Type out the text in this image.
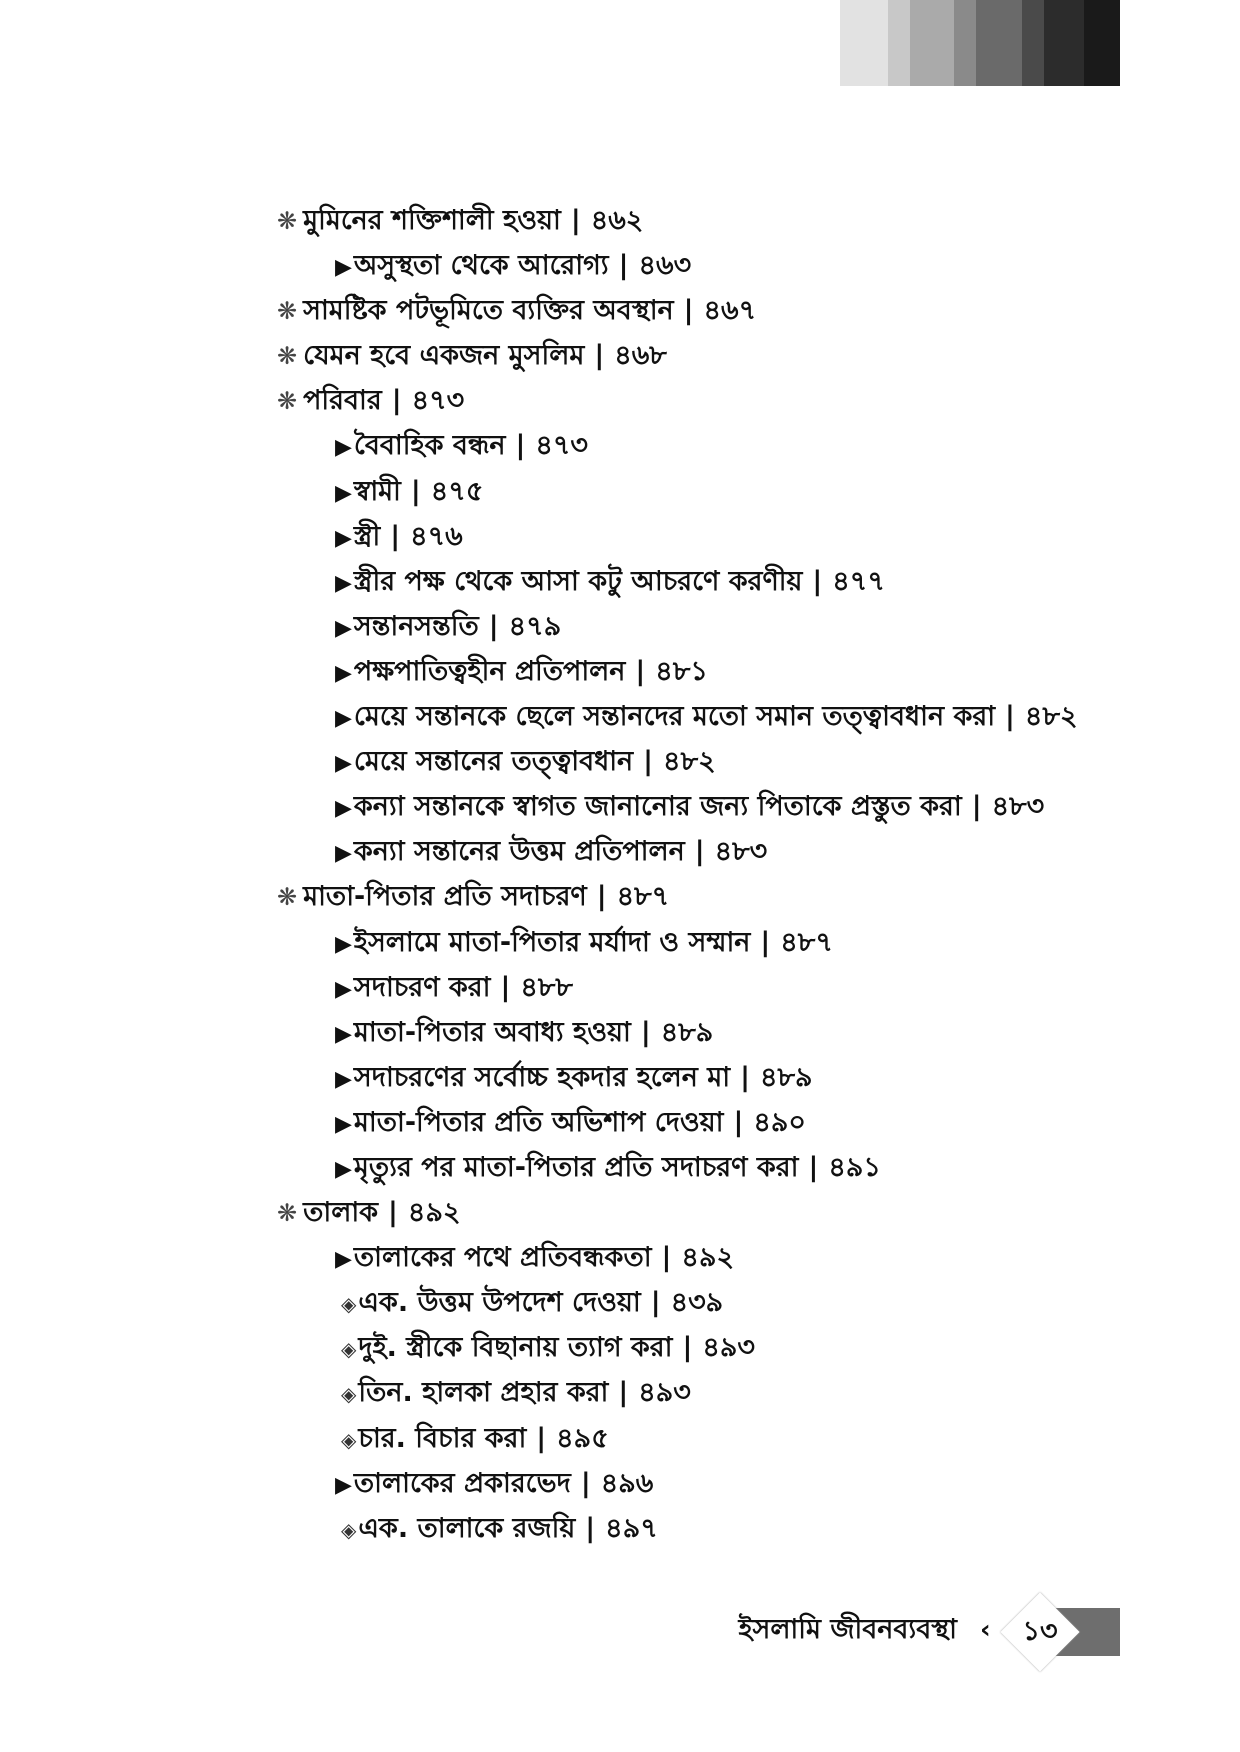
❋ মুমিনের শক্তিশালী হওয়া | ৪৬২
▶অসুস্থতা থেকে আরোগ্য | ৪৬৩
❋ সামষ্টিক পটভূমিতে ব্যক্তির অবস্থান | ৪৬৭
❋ যেমন হবে একজন মুসলিম | ৪৬৮
❋ পরিবার | ৪৭৩
▶বৈবাহিক বন্ধন | ৪৭৩
▶স্বামী | ৪৭৫
▶স্ত্রী | ৪৭৬
▶স্ত্রীর পক্ষ থেকে আসা কটু আচরণে করণীয় | ৪৭৭
▶সন্তানসন্ততি | ৪৭৯
▶পক্ষপাতিত্বহীন প্রতিপালন | ৪৮১
▶মেয়ে সন্তানকে ছেলে সন্তানদের মতো সমান তত্ত্বাবধান করা | ৪৮২
▶মেয়ে সন্তানের তত্ত্বাবধান | ৪৮২
▶কন্যা সন্তানকে স্বাগত জানানোর জন্য পিতাকে প্রস্তুত করা | ৪৮৩
▶কন্যা সন্তানের উত্তম প্রতিপালন | ৪৮৩
❋ মাতা-পিতার প্রতি সদাচরণ | ৪৮৭
▶ইসলামে মাতা-পিতার মর্যাদা ও সম্মান | ৪৮৭
▶সদাচরণ করা | ৪৮৮
▶মাতা-পিতার অবাধ্য হওয়া | ৪৮৯
▶সদাচরণের সর্বোচ্চ হকদার হলেন মা | ৪৮৯
▶মাতা-পিতার প্রতি অভিশাপ দেওয়া | ৪৯০
▶মৃত্যুর পর মাতা-পিতার প্রতি সদাচরণ করা | ৪৯১
❋ তালাক | ৪৯২
▶তালাকের পথে প্রতিবন্ধকতা | ৪৯২
◈এক. উত্তম উপদেশ দেওয়া | ৪৩৯
◈দুই. স্ত্রীকে বিছানায় ত্যাগ করা | ৪৯৩
◈তিন. হালকা প্রহার করা | ৪৯৩
◈চার. বিচার করা | ৪৯৫
▶তালাকের প্রকারভেদ | ৪৯৬
◈এক. তালাকে রজয়ি | ৪৯৭
ইসলামি জীবনব্যবস্থা ‹	১৩
